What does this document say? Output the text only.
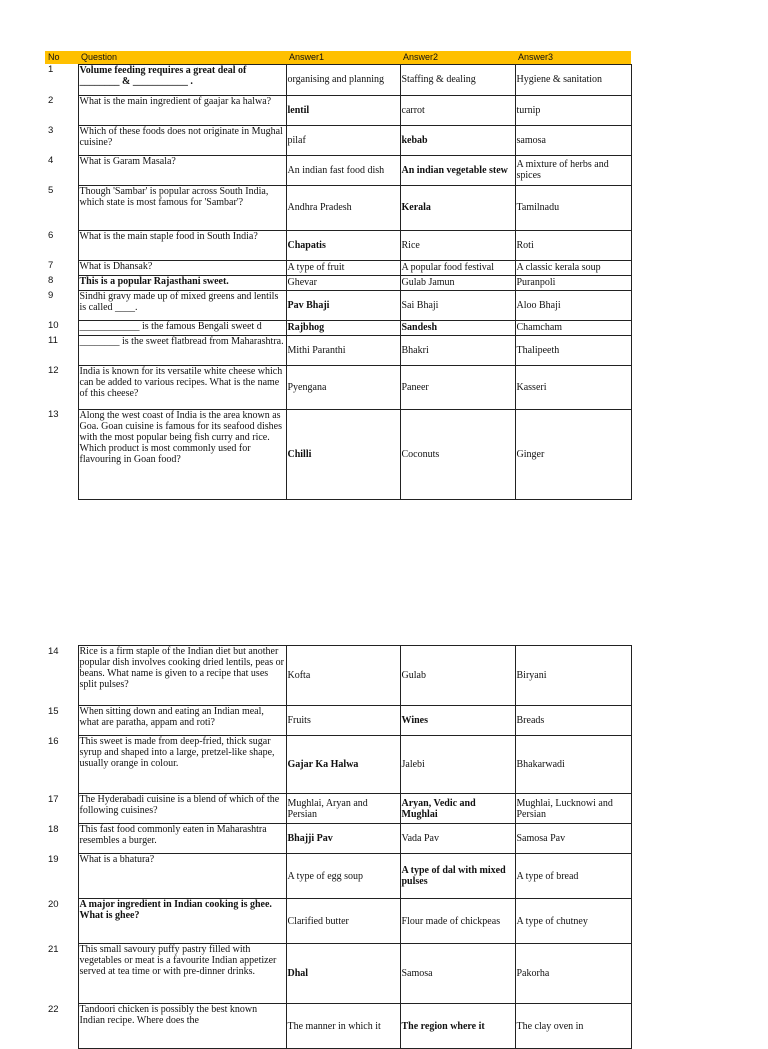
No	Question	Answer1	Answer2	Answer3
1	Volume feeding requires a great deal of ________ & ___________ .	organising and planning	Staffing & dealing	Hygiene & sanitation
2	What is the main ingredient of gaajar ka halwa?	lentil	carrot	turnip
3	Which of these foods does not originate in Mughal cuisine?	pilaf	kebab	samosa
4	What is Garam Masala?	An indian fast food dish	An indian vegetable stew	A mixture of herbs and spices
5	Though 'Sambar' is popular across South India, which state is most famous for 'Sambar'?	Andhra Pradesh	Kerala	Tamilnadu
6	What is the main staple food in South India?	Chapatis	Rice	Roti
7	What is Dhansak?	A type of fruit	A popular food festival	A classic kerala soup
8	This is a popular Rajasthani sweet.	Ghevar	Gulab Jamun	Puranpoli
9	Sindhi gravy made up of mixed greens and lentils is called ____.	Pav Bhaji	Sai Bhaji	Aloo Bhaji
10	____________ is the famous Bengali sweet d	Rajbhog	Sandesh	Chamcham
11	________ is the sweet flatbread from Maharashtra.	Mithi Paranthi	Bhakri	Thalipeeth
12	India is known for its versatile white cheese which can be added to various recipes. What is the name of this cheese?	Pyengana	Paneer	Kasseri
13	Along the west coast of India is the area known as Goa. Goan cuisine is famous for its seafood dishes with the most popular being fish curry and rice. Which product is most commonly used for flavouring in Goan food?	Chilli	Coconuts	Ginger
14	Rice is a firm staple of the Indian diet but another popular dish involves cooking dried lentils, peas or beans. What name is given to a recipe that uses split pulses?	Kofta	Gulab	Biryani
15	When sitting down and eating an Indian meal, what are paratha, appam and roti?	Fruits	Wines	Breads
16	This sweet is made from deep-fried, thick sugar syrup and shaped into a large, pretzel-like shape, usually orange in colour.	Gajar Ka Halwa	Jalebi	Bhakarwadi
17	The Hyderabadi cuisine is a blend of which of the following cuisines?	Mughlai, Aryan and Persian	Aryan, Vedic and Mughlai	Mughlai, Lucknowi and Persian
18	This fast food commonly eaten in Maharashtra resembles a burger.	Bhajji Pav	Vada Pav	Samosa Pav
19	What is a bhatura?	A type of egg soup	A type of dal with mixed pulses	A type of bread
20	A major ingredient in Indian cooking is ghee. What is ghee?	Clarified butter	Flour made of chickpeas	A type of chutney
21	This small savoury puffy pastry filled with vegetables or meat is a favourite Indian appetizer served at tea time or with pre-dinner drinks.	Dhal	Samosa	Pakorha
22	Tandoori chicken is possibly the best known Indian recipe. Where does the	The manner in which it	The region where it	The clay oven in
